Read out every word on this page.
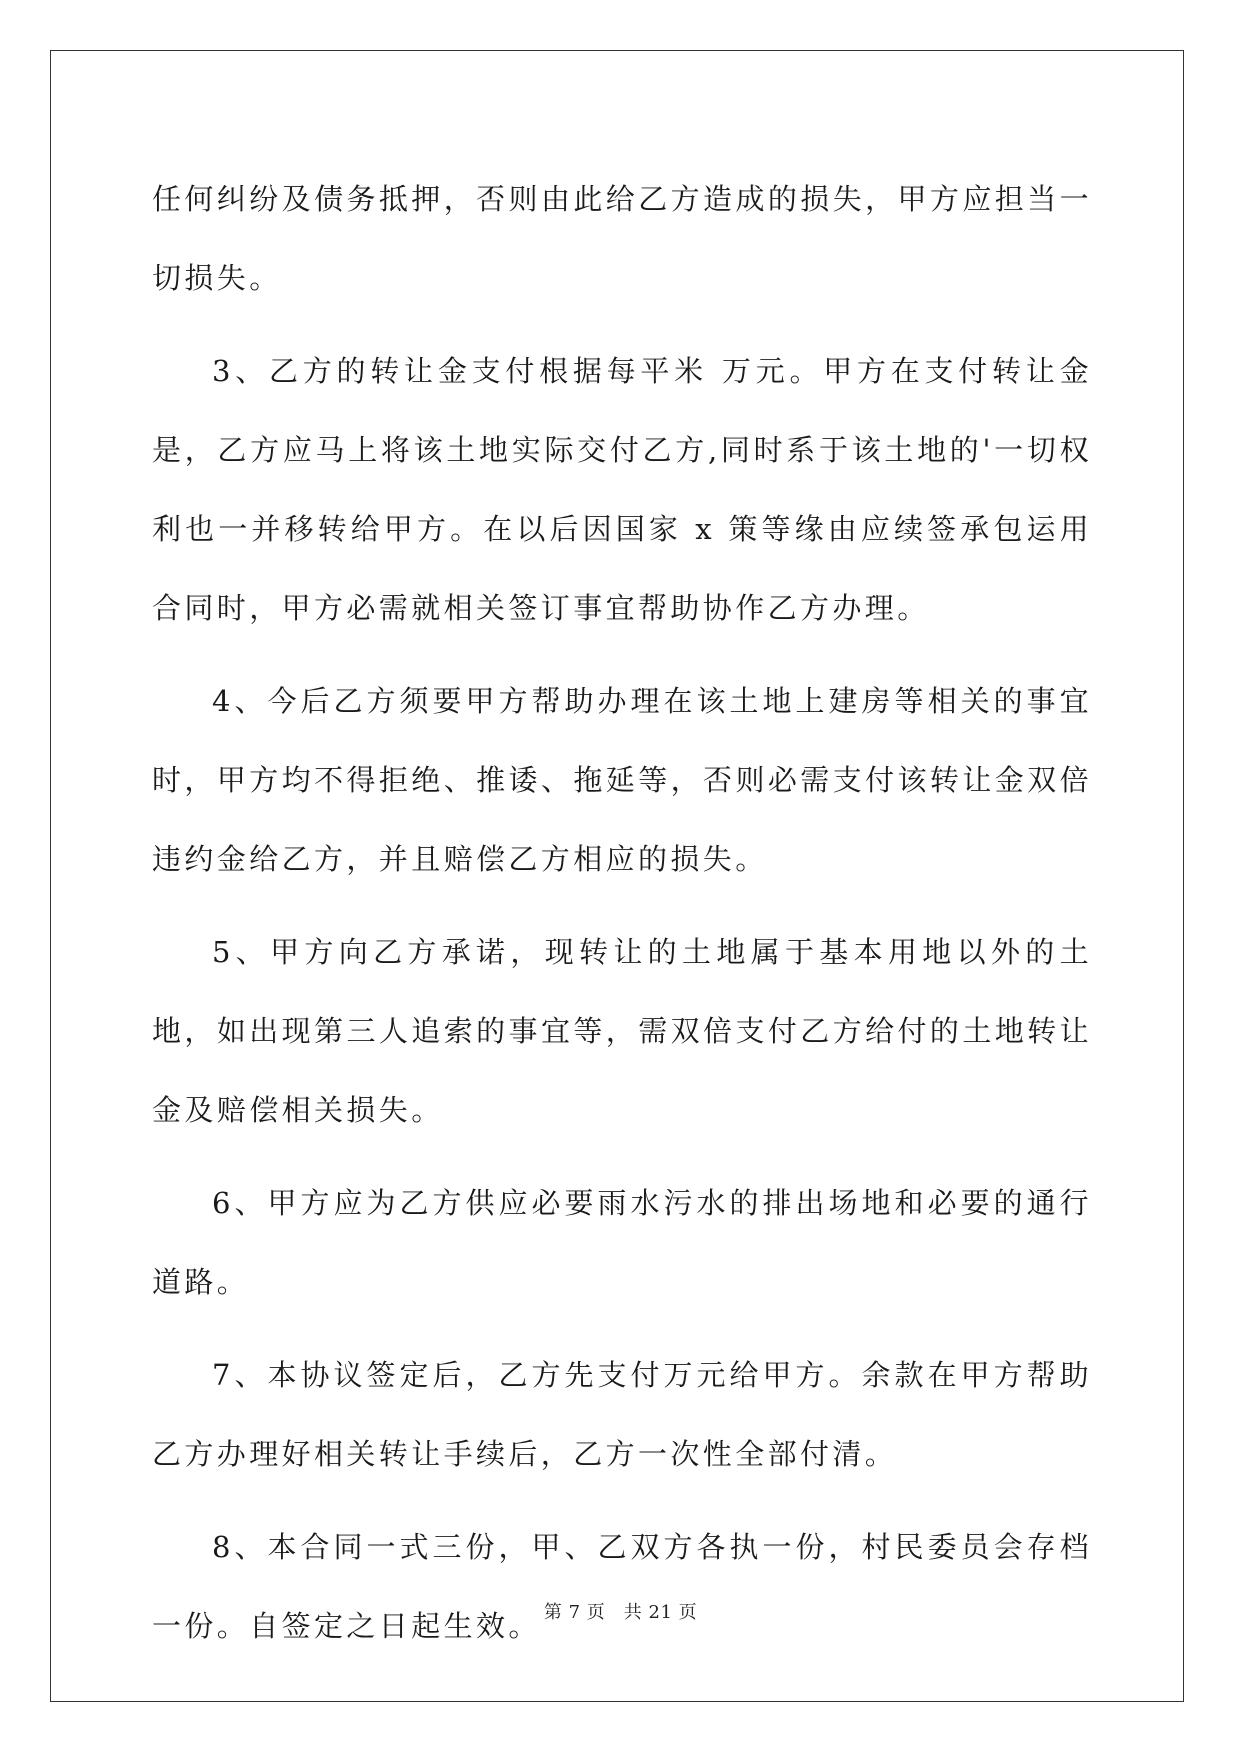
任何纠纷及债务抵押，否则由此给乙方造成的损失，甲方应担当一切损失。

3、乙方的转让金支付根据每平米 万元。甲方在支付转让金是，乙方应马上将该土地实际交付乙方,同时系于该土地的'一切权利也一并移转给甲方。在以后因国家 x 策等缘由应续签承包运用合同时，甲方必需就相关签订事宜帮助协作乙方办理。

4、今后乙方须要甲方帮助办理在该土地上建房等相关的事宜时，甲方均不得拒绝、推诿、拖延等，否则必需支付该转让金双倍违约金给乙方，并且赔偿乙方相应的损失。

5、甲方向乙方承诺，现转让的土地属于基本用地以外的土地，如出现第三人追索的事宜等，需双倍支付乙方给付的土地转让金及赔偿相关损失。

6、甲方应为乙方供应必要雨水污水的排出场地和必要的通行道路。

7、本协议签定后，乙方先支付万元给甲方。余款在甲方帮助乙方办理好相关转让手续后，乙方一次性全部付清。

8、本合同一式三份，甲、乙双方各执一份，村民委员会存档一份。自签定之日起生效。 第 7 页　共 21 页
